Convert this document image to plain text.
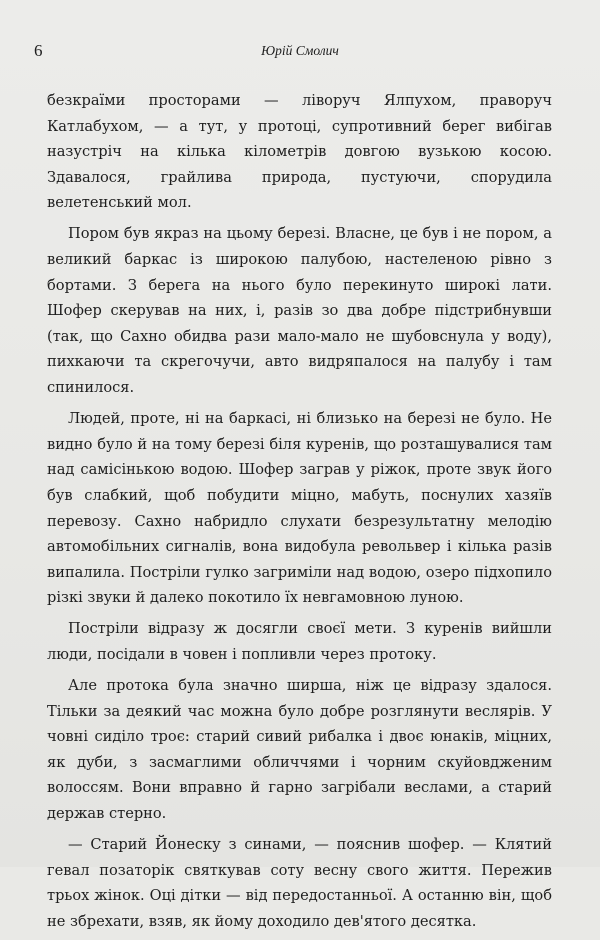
6	Юрій Смолич

безкраїми просторами — ліворуч Ялпухом, праворуч Катлабухом, — а тут, у протоці, супротивний берег вибігав назустріч на кілька кілометрів довгою вузькою косою. Здавалося, грайлива природа, пустуючи, спорудила велетенський мол.

Пором був якраз на цьому березі. Власне, це був і не пором, а великий баркас із широкою палубою, настеленою рівно з бортами. З берега на нього було перекинуто широкі лати. Шофер скерував на них, і, разів зо два добре підстрибнувши (так, що Сахно обидва рази мало-мало не шубовснула у воду), пихкаючи та скрегочучи, авто видряпалося на палубу і там спинилося.

Людей, проте, ні на баркасі, ні близько на березі не було. Не видно було й на тому березі біля куренів, що розташувалися там над самісінькою водою. Шофер заграв у ріжок, проте звук його був слабкий, щоб побудити міцно, мабуть, поснулих хазяїв перевозу. Сахно набридло слухати безрезультатну мелодію автомобільних сигналів, вона видобула револьвер і кілька разів випалила. Постріли гулко загриміли над водою, озеро підхопило різкі звуки й далеко покотило їх невгамовною луною.

Постріли відразу ж досягли своєї мети. З куренів вийшли люди, посідали в човен і попливли через протоку.

Але протока була значно ширша, ніж це відразу здалося. Тільки за деякий час можна було добре розглянути веслярів. У човні сиділо троє: старий сивий рибалка і двоє юнаків, міцних, як дуби, з засмаглими обличчями і чорним скуйовдженим волоссям. Вони вправно й гарно загрібали веслами, а старий держав стерно.

— Старий Йонеску з синами, — пояснив шофер. — Клятий гевал позаторік святкував соту весну свого життя. Пережив трьох жінок. Оці дітки — від передостанньої. А останню він, щоб не збрехати, взяв, як йому доходило дев'ятого десятка.
